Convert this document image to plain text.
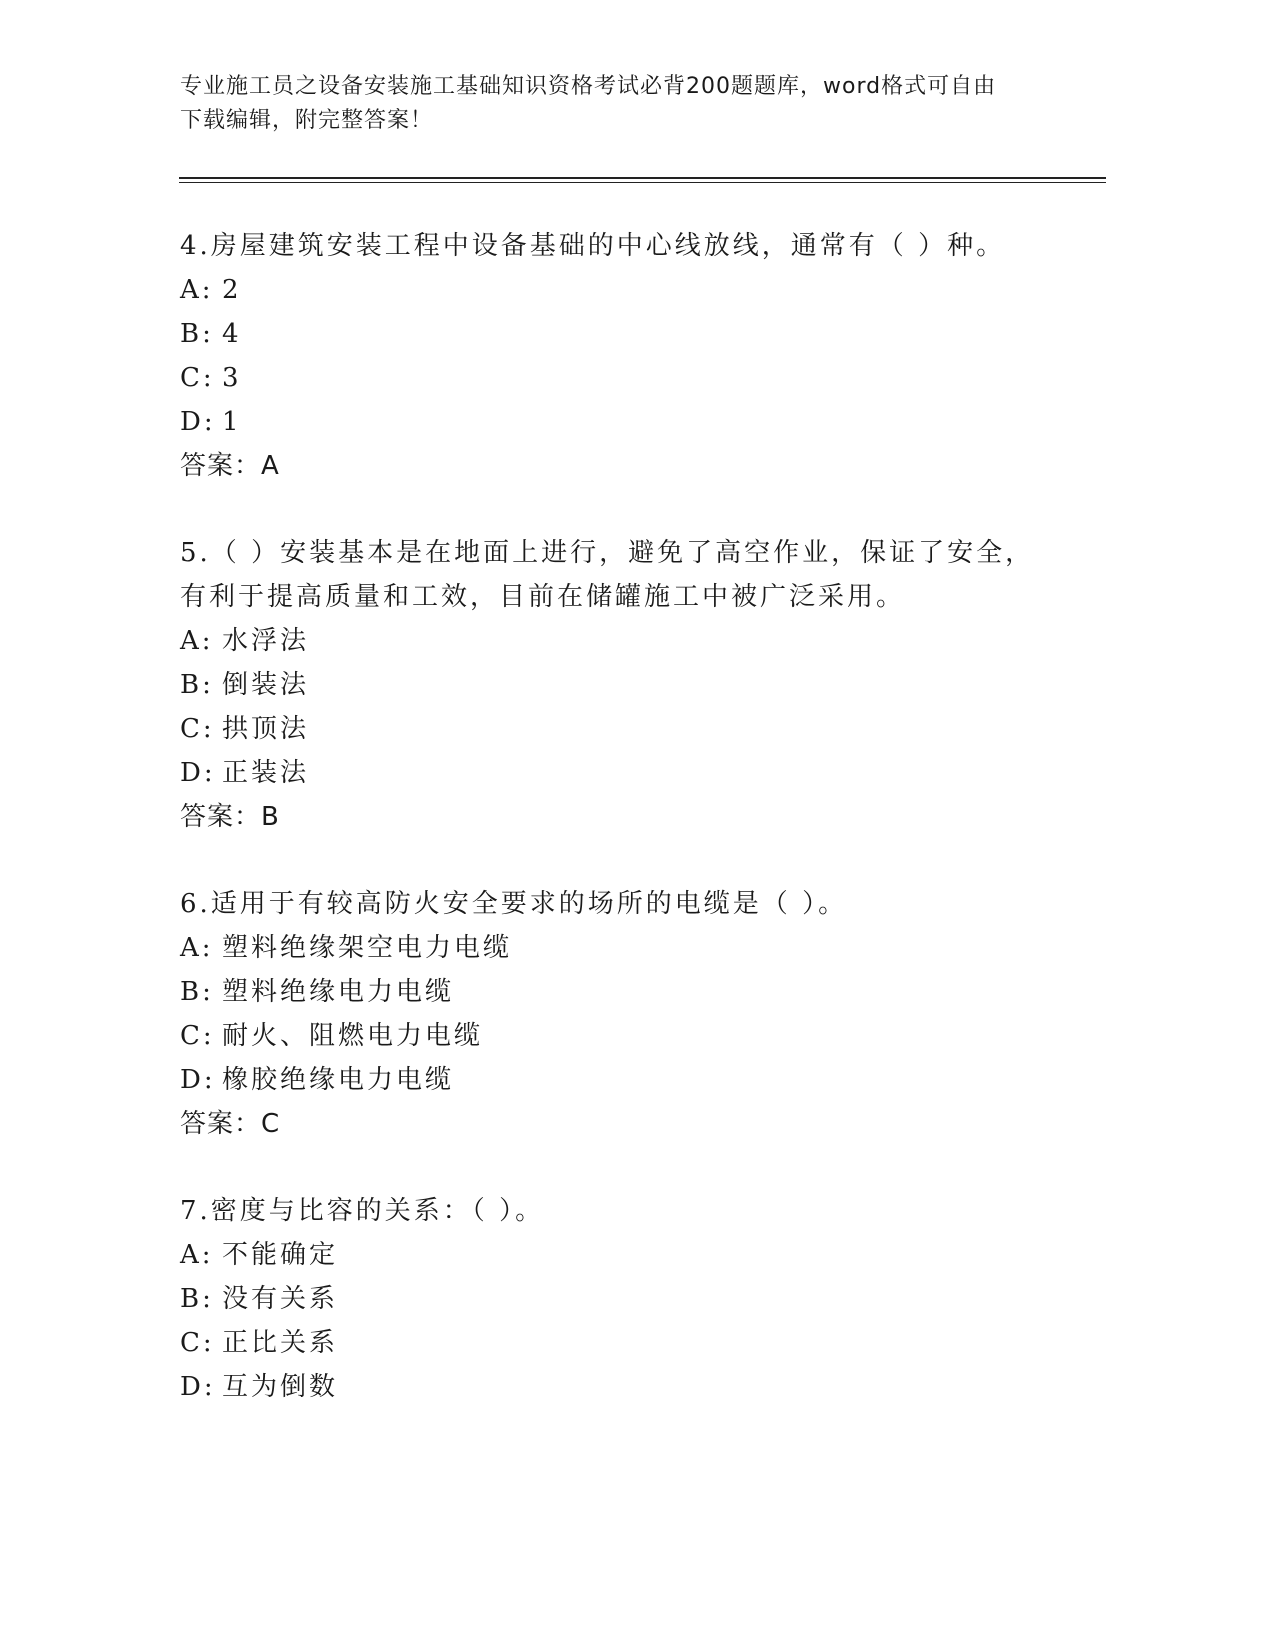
专业施工员之设备安装施工基础知识资格考试必背200题题库，word格式可自由
下载编辑，附完整答案！
4.房屋建筑安装工程中设备基础的中心线放线，通常有（ ）种。
A: 2
B: 4
C: 3
D: 1
答案：A
5.（ ）安装基本是在地面上进行，避免了高空作业，保证了安全，有利于提高质量和工效，目前在储罐施工中被广泛采用。
A: 水浮法
B: 倒装法
C: 拱顶法
D: 正装法
答案：B
6.适用于有较高防火安全要求的场所的电缆是（ ）。
A: 塑料绝缘架空电力电缆
B: 塑料绝缘电力电缆
C: 耐火、阻燃电力电缆
D: 橡胶绝缘电力电缆
答案：C
7.密度与比容的关系：（ ）。
A: 不能确定
B: 没有关系
C: 正比关系
D: 互为倒数
